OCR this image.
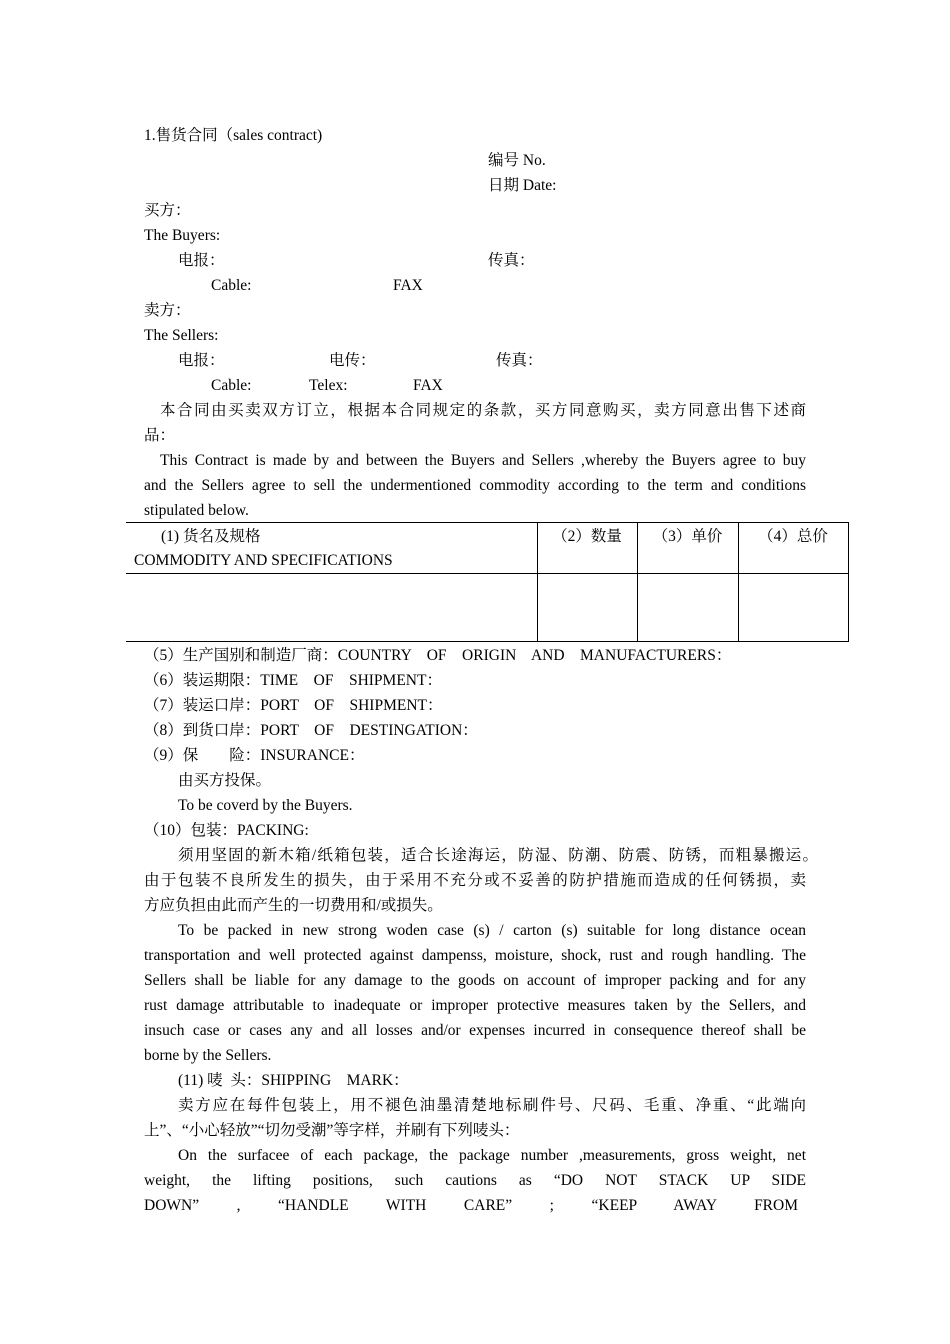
1.售货合同（sales contract)
编号 No.
日期 Date:
买方：
The Buyers:
电报：	传真：
Cable:	FAX
卖方：
The Sellers:
电报：	电传：	传真：
Cable:	Telex:	FAX
本合同由买卖双方订立，根据本合同规定的条款，买方同意购买，卖方同意出售下述商
品：
This Contract is made by and between the Buyers and Sellers ,whereby the Buyers agree to buy
and the Sellers agree to sell the undermentioned commodity according to the term and conditions
stipulated below.
(1) 货名及规格
COMMODITY AND SPECIFICATIONS	（2）数量	（3）单价	（4）总价

（5）生产国别和制造厂商：COUNTRY    OF    ORIGIN    AND    MANUFACTURERS：
（6）装运期限：TIME    OF    SHIPMENT：
（7）装运口岸：PORT    OF    SHIPMENT：
（8）到货口岸：PORT    OF    DESTINGATION：
（9）保        险：INSURANCE：
由买方投保。
To be coverd by the Buyers.
（10）包装：PACKING:
须用坚固的新木箱/纸箱包装，适合长途海运，防湿、防潮、防震、防锈，而粗暴搬运。
由于包装不良所发生的损失，由于采用不充分或不妥善的防护措施而造成的任何锈损，卖
方应负担由此而产生的一切费用和/或损失。
To be packed in new strong woden case (s) / carton (s) suitable for long distance ocean
transportation and well protected against dampenss, moisture, shock, rust and rough handling. The
Sellers shall be liable for any damage to the goods on account of improper packing and for any
rust damage attributable to inadequate or improper protective measures taken by the Sellers, and
insuch case or cases any and all losses and/or expenses incurred in consequence thereof shall be
borne by the Sellers.
(11) 唛  头：SHIPPING    MARK：
卖方应在每件包装上，用不褪色油墨清楚地标刷件号、尺码、毛重、净重、“此端向
上”、“小心轻放”“切勿受潮”等字样，并刷有下列唛头：
On the surfacee of each package, the package number ,measurements, gross weight, net
weight, the lifting positions, such cautions as “DO NOT STACK UP SIDE
DOWN” , “HANDLE WITH CARE” ; “KEEP AWAY FROM
